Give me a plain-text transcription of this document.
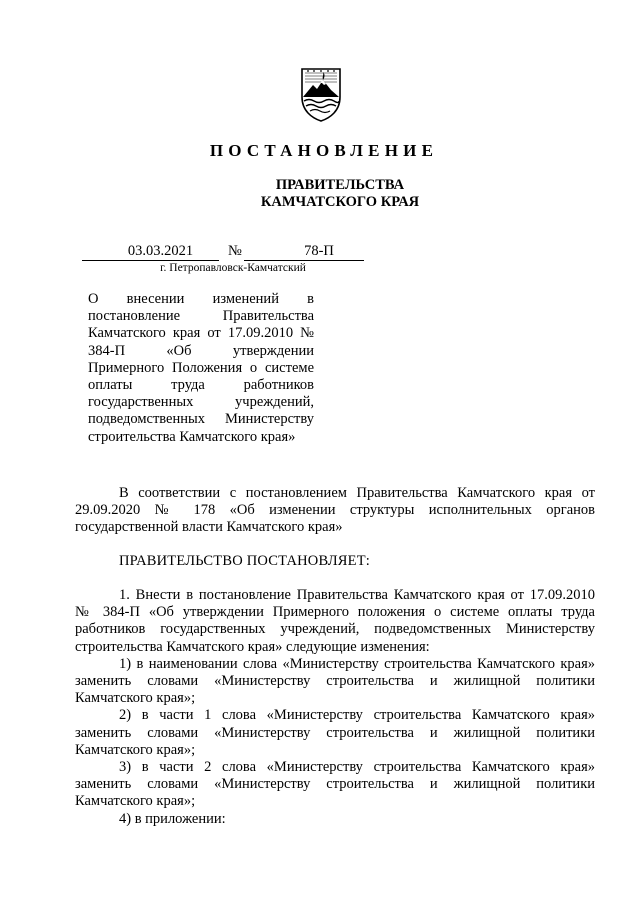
ПОСТАНОВЛЕНИЕ
ПРАВИТЕЛЬСТВА
КАМЧАТСКОГО КРАЯ
03.03.2021	№	78-П
г. Петропавловск-Камчатский
О внесении изменений в постановление Правительства Камчатского края от 17.09.2010 № 384-П «Об утверждении Примерного Положения о системе оплаты труда работников государственных учреждений, подведомственных Министерству строительства Камчатского края»

В соответствии с постановлением Правительства Камчатского края от 29.09.2020 № 178 «Об изменении структуры исполнительных органов государственной власти Камчатского края»

ПРАВИТЕЛЬСТВО ПОСТАНОВЛЯЕТ:

1. Внести в постановление Правительства Камчатского края от 17.09.2010 № 384-П «Об утверждении Примерного положения о системе оплаты труда работников государственных учреждений, подведомственных Министерству строительства Камчатского края» следующие изменения:

1) в наименовании слова «Министерству строительства Камчатского края» заменить словами «Министерству строительства и жилищной политики Камчатского края»;

2) в части 1 слова «Министерству строительства Камчатского края» заменить словами «Министерству строительства и жилищной политики Камчатского края»;

3) в части 2 слова «Министерству строительства Камчатского края» заменить словами «Министерству строительства и жилищной политики Камчатского края»;

4) в приложении:
